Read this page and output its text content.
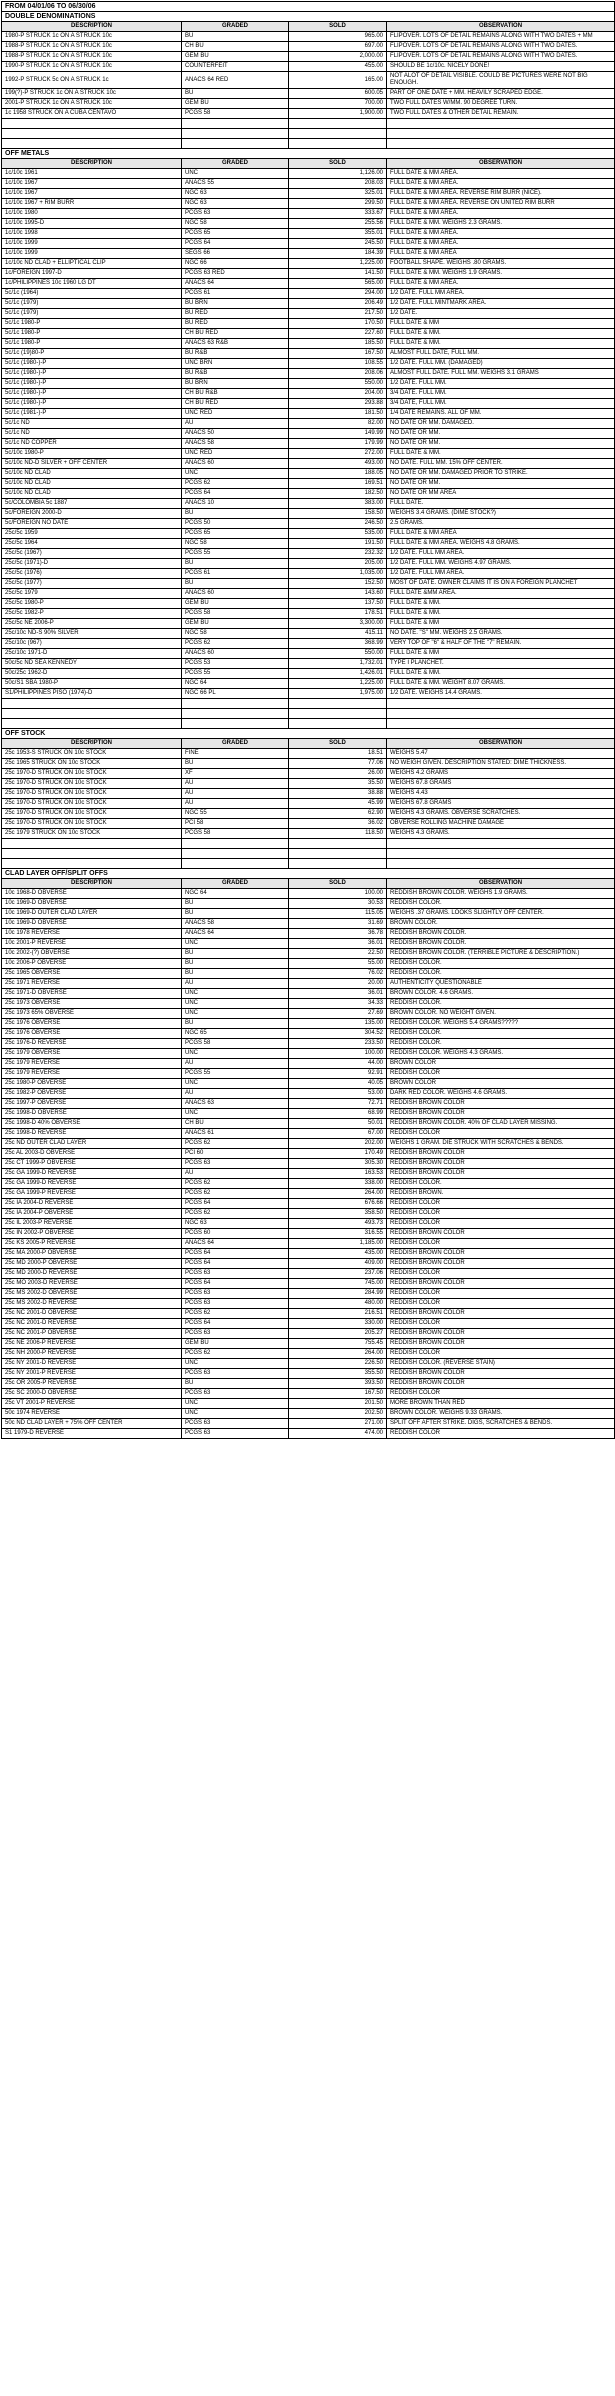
FROM 04/01/06 TO 06/30/06			
DOUBLE DENOMINATIONS			
DESCRIPTION	GRADED	SOLD	OBSERVATION
1980-P STRUCK 1c ON A STRUCK 10c	BU	965.00	FLIPOVER. LOTS OF DETAIL REMAINS ALONG WITH TWO DATES + MM
1988-P STRUCK 1c ON A STRUCK 10c	CH BU	697.00	FLIPOVER. LOTS OF DETAIL REMAINS ALONG WITH TWO DATES.
1988-P STRUCK 1c ON A STRUCK 10c	GEM BU	2,000.00	FLIPOVER. LOTS OF DETAIL REMAINS ALONG WITH TWO DATES.
1990-P STRUCK 1c ON A STRUCK 10c	COUNTERFEIT	455.00	SHOULD BE 1c/10c. NICELY DONE!
1992-P STRUCK 5c ON A STRUCK 1c	ANACS 64 RED	165.00	NOT ALOT OF DETAIL VISIBLE. COULD BE PICTURES WERE NOT BIG ENOUGH.
199(?)-P STRUCK 1c ON A STRUCK 10c	BU	600.05	PART OF ONE DATE + MM. HEAVILY SCRAPED EDGE.
2001-P STRUCK 1c ON A STRUCK 10c	GEM BU	700.00	TWO FULL DATES W/MM. 90 DEGREE TURN.
1c 1958 STRUCK ON A CUBA CENTAVO	PCGS 58	1,900.00	TWO FULL DATES & OTHER DETAIL REMAIN.

OFF METALS			
DESCRIPTION	GRADED	SOLD	OBSERVATION
1c/10c 1961	UNC	1,126.00	FULL DATE & MM AREA.
1c/10c 1967	ANACS 55	208.03	FULL DATE & MM AREA.
1c/10c 1967	NGC 63	325.01	FULL DATE & MM AREA. REVERSE RIM BURR (NICE).
1c/10c 1967 + RIM BURR	NGC 63	299.50	FULL DATE & MM AREA. REVERSE ON UNITED RIM BURR
1c/10c 1980	PCGS 63	333.67	FULL DATE & MM AREA.
1c/10c 1995-D	NGC 58	255.56	FULL DATE & MM. WEIGHS 2.3 GRAMS.
1c/10c 1998	PCGS 65	355.01	FULL DATE & MM AREA.
1c/10c 1999	PCGS 64	245.50	FULL DATE & MM AREA.
1c/10c 1999	SEGS 66	184.39	FULL DATE & MM AREA
1c/10c ND CLAD + ELLIPTICAL CLIP	NGC 66	1,225.00	FOOTBALL SHAPE. WEIGHS .80 GRAMS.
1c/FOREIGN 1997-D	PCGS 63 RED	141.50	FULL DATE & MM. WEIGHS 1.9 GRAMS.
1c/PHILIPPINES 10c 1960 LG DT	ANACS 64	565.00	FULL DATE & MM AREA.
5c/1c (1964)	PCGS 61	294.00	1/2 DATE. FULL MM AREA.
5c/1c (1979)	BU BRN	206.49	1/2 DATE. FULL MINTMARK AREA.
5c/1c (1979)	BU RED	217.50	1/2 DATE.
5c/1c 1980-P	BU RED	170.50	FULL DATE & MM
5c/1c 1980-P	CH BU RED	227.60	FULL DATE & MM.
5c/1c 1980-P	ANACS 63 R&B	185.50	FULL DATE & MM.
5c/1c (19)80-P	BU R&B	167.50	ALMOST FULL DATE, FULL MM.
5c/1c (1980-)-P	UNC BRN	108.55	1/2 DATE. FULL MM. (DAMAGED)
5c/1c (1980-)-P	BU R&B	208.06	ALMOST FULL DATE. FULL MM. WEIGHS 3.1 GRAMS
5c/1c (1980-)-P	BU BRN	550.00	1/2 DATE. FULL MM.
5c/1c (1980-)-P	CH BU R&B	204.00	3/4 DATE. FULL MM.
5c/1c (1980-)-P	CH BU RED	293.88	3/4 DATE, FULL MM.
5c/1c (1981-)-P	UNC RED	181.50	1/4 DATE REMAINS. ALL OF MM.
5c/1c ND	AU	82.00	NO DATE OR MM. DAMAGED.
5c/1c ND	ANACS 50	149.99	NO DATE OR MM.
5c/1c ND COPPER	ANACS 58	179.99	NO DATE OR MM.
5c/10c 1980-P	UNC RED	272.00	FULL DATE & MM.
5c/10c ND-D SILVER + OFF CENTER	ANACS 60	493.00	NO DATE. FULL MM. 15% OFF CENTER.
5c/10c ND CLAD	UNC	188.05	NO DATE OR MM. DAMAGED PRIOR TO STRIKE.
5c/10c ND CLAD	PCGS 62	169.51	NO DATE OR MM.
5c/10c ND CLAD	PCGS 64	182.50	NO DATE OR MM AREA
5c/COLOMBIA 5c 1887	ANACS 10	383.00	FULL DATE.
5c/FOREIGN 2000-D	BU	158.50	WEIGHS 3.4 GRAMS. (DIME STOCK?)
5c/FOREIGN NO DATE	PCGS 50	246.50	2.5 GRAMS.
25c/5c 1959	PCGS 65	535.00	FULL DATE & MM AREA
25c/5c 1964	NGC 58	191.50	FULL DATE & MM AREA. WEIGHS 4.8 GRAMS.
25c/5c (1967)	PCGS 55	232.32	1/2 DATE. FULL MM AREA.
25c/5c (1971)-D	BU	205.00	1/2 DATE. FULL MM. WEIGHS 4.97 GRAMS.
25c/5c (1976)	PCGS 61	1,035.00	1/2 DATE. FULL MM AREA.
25c/5c (1977)	BU	152.50	MOST OF DATE. OWNER CLAIMS IT IS ON A FOREIGN PLANCHET
25c/5c 1979	ANACS 60	143.60	FULL DATE &MM AREA.
25c/5c 1980-P	GEM BU	137.50	FULL DATE & MM.
25c/5c 1982-P	PCGS 58	178.51	FULL DATE & MM.
25c/5c NE 2006-P	GEM BU	3,300.00	FULL DATE & MM
25c/10c ND-S 90% SILVER	NGC 58	415.11	NO DATE. "S" MM. WEIGHS 2.5 GRAMS.
25c/10c (967)	PCGS 62	368.99	VERY TOP OF "6" & HALF OF THE "7" REMAIN.
25c/10c 1971-D	ANACS 60	550.00	FULL DATE & MM
50c/5c ND SEA KENNEDY	PCGS 53	1,732.01	TYPE I PLANCHET.
50c/25c 1962-D	PCGS 55	1,426.01	FULL DATE & MM.
50c/S1 SBA 1980-P	NGC 64	1,225.00	FULL DATE & MM. WEIGHT 8.07 GRAMS.
S1/PHILIPPINES PISO (1974)-D	NGC 66 PL	1,975.00	1/2 DATE. WEIGHS 14.4 GRAMS.

OFF STOCK			
DESCRIPTION	GRADED	SOLD	OBSERVATION
25c 1953-S STRUCK ON 10c STOCK	FINE	18.51	WEIGHS 5.47
25c 1965 STRUCK ON 10c STOCK	BU	77.06	NO WEIGH GIVEN. DESCRIPTION STATED: DIME THICKNESS.
25c 1970-D STRUCK ON 10c STOCK	XF	26.00	WEIGHS 4.2 GRAMS
25c 1970-D STRUCK ON 10c STOCK	AU	35.50	WEIGHS 67.8 GRAMS
25c 1970-D STRUCK ON 10c STOCK	AU	38.88	WEIGHS 4.43
25c 1970-D STRUCK ON 10c STOCK	AU	45.99	WEIGHS 67.8 GRAMS
25c 1970-D STRUCK ON 10c STOCK	NGC 55	62.90	WEIGHS 4.3 GRAMS. OBVERSE SCRATCHES.
25c 1970-D STRUCK ON 10c STOCK	PCI 58	36.02	OBVERSE ROLLING MACHINE DAMAGE
25c 1979 STRUCK ON 10c STOCK	PCGS 58	118.50	WEIGHS 4.3 GRAMS.

CLAD LAYER OFF/SPLIT OFFS			
DESCRIPTION	GRADED	SOLD	OBSERVATION
10c 1968-D OBVERSE	NGC 64	100.00	REDDISH BROWN COLOR. WEIGHS 1.9 GRAMS.
10c 1969-D OBVERSE	BU	30.53	REDDISH COLOR.
10c 1969-D OUTER CLAD LAYER	BU	115.05	WEIGHS .37 GRAMS. LOOKS SLIGHTLY OFF CENTER.
10c 1969-D OBVERSE	ANACS 58	31.69	BROWN COLOR.
10c 1978 REVERSE	ANACS 64	36.78	REDDISH BROWN COLOR.
10c 2001-P REVERSE	UNC	36.01	REDDISH BROWN COLOR.
10c 2002-(?) OBVERSE	BU	22.50	REDDISH BROWN COLOR. (TERRIBLE PICTURE & DESCRIPTION.)
10c 2006-P OBVERSE	BU	55.00	REDDISH COLOR.
25c 1965 OBVERSE	BU	76.02	REDDISH COLOR.
25c 1971 REVERSE	AU	20.00	AUTHENTICITY QUESTIONABLE
25c 1971-D OBVERSE	UNC	36.01	BROWN COLOR. 4.6 GRAMS.
25c 1973 OBVERSE	UNC	34.33	REDDISH COLOR.
25c 1973 65% OBVERSE	UNC	27.69	BROWN COLOR. NO WEIGHT GIVEN.
25c 1976 OBVERSE	BU	135.00	REDDISH COLOR. WEIGHS 5.4 GRAMS?????
25c 1976 OBVERSE	NGC 65	304.52	REDDISH COLOR.
25c 1976-D REVERSE	PCGS 58	233.50	REDDISH COLOR.
25c 1979 OBVERSE	UNC	100.00	REDDISH COLOR. WEIGHS 4.3 GRAMS.
25c 1979 REVERSE	AU	44.00	BROWN COLOR
25c 1979 REVERSE	PCGS 55	92.91	REDDISH COLOR
25c 1980-P OBVERSE	UNC	40.05	BROWN COLOR
25c 1982-P OBVERSE	AU	53.00	DARK RED COLOR. WEIGHS 4.6 GRAMS.
25c 1997-P OBVERSE	ANACS 63	72.71	REDDISH BROWN COLOR
25c 1998-D OBVERSE	UNC	68.99	REDDISH BROWN COLOR
25c 1998-D 40% OBVERSE	CH BU	50.01	REDDISH BROWN COLOR. 40% OF CLAD LAYER MISSING.
25c 1998-D REVERSE	ANACS 61	67.00	REDDISH COLOR
25c ND OUTER CLAD LAYER	PCGS 62	202.00	WEIGHS 1 GRAM. DIE STRUCK WITH SCRATCHES & BENDS.
25c AL 2003-D OBVERSE	PCI 60	170.49	REDDISH BROWN COLOR
25c CT 1999-P OBVERSE	PCGS 63	305.30	REDDISH BROWN COLOR
25c GA 1999-D REVERSE	AU	163.53	REDDISH BROWN COLOR
25c GA 1999-D REVERSE	PCGS 62	338.00	REDDISH COLOR.
25c GA 1999-P REVERSE	PCGS 62	264.00	REDDISH BROWN.
25c IA 2004-D REVERSE	PCGS 64	676.66	REDDISH COLOR
25c IA 2004-P OBVERSE	PCGS 62	358.50	REDDISH COLOR
25c IL 2003-P REVERSE	NGC 63	493.73	REDDISH COLOR
25c IN 2002-P OBVERSE	PCGS 60	316.55	REDDISH BROWN COLOR
25c KS 2005-P REVERSE	ANACS 64	1,185.00	REDDISH COLOR
25c MA 2000-P OBVERSE	PCGS 64	435.00	REDDISH BROWN COLOR
25c MD 2000-P OBVERSE	PCGS 64	409.00	REDDISH BROWN COLOR
25c MD 2000-D REVERSE	PCGS 63	237.06	REDDISH COLOR
25c MO 2003-D REVERSE	PCGS 64	745.00	REDDISH BROWN COLOR
25c MS 2002-D OBVERSE	PCGS 63	284.99	REDDISH COLOR
25c MS 2002-D REVERSE	PCGS 63	480.00	REDDISH COLOR
25c NC 2001-D OBVERSE	PCGS 62	216.51	REDDISH BROWN COLOR
25c NC 2001-D REVERSE	PCGS 64	330.00	REDDISH COLOR
25c NC 2001-P OBVERSE	PCGS 63	205.27	REDDISH BROWN COLOR
25c NE 2006-P REVERSE	GEM BU	755.45	REDDISH BROWN COLOR
25c NH 2000-P REVERSE	PCGS 62	264.00	REDDISH COLOR
25c NY 2001-D REVERSE	UNC	226.50	REDDISH COLOR. (REVERSE STAIN)
25c NY 2001-P REVERSE	PCGS 63	355.50	REDDISH BROWN COLOR
25c OR 2005-P REVERSE	BU	393.50	REDDISH BROWN COLOR
25c SC 2000-D OBVERSE	PCGS 63	167.50	REDDISH COLOR
25c VT 2001-P REVERSE	UNC	201.50	MORE BROWN THAN RED
50c 1974 REVERSE	UNC	202.50	BROWN COLOR. WEIGHS 9.33 GRAMS.
50c ND CLAD LAYER + 75% OFF CENTER	PCGS 63	271.00	SPLIT OFF AFTER STRIKE. DIGS, SCRATCHES & BENDS.
S1 1979-D REVERSE	PCGS 63	474.00	REDDISH COLOR
